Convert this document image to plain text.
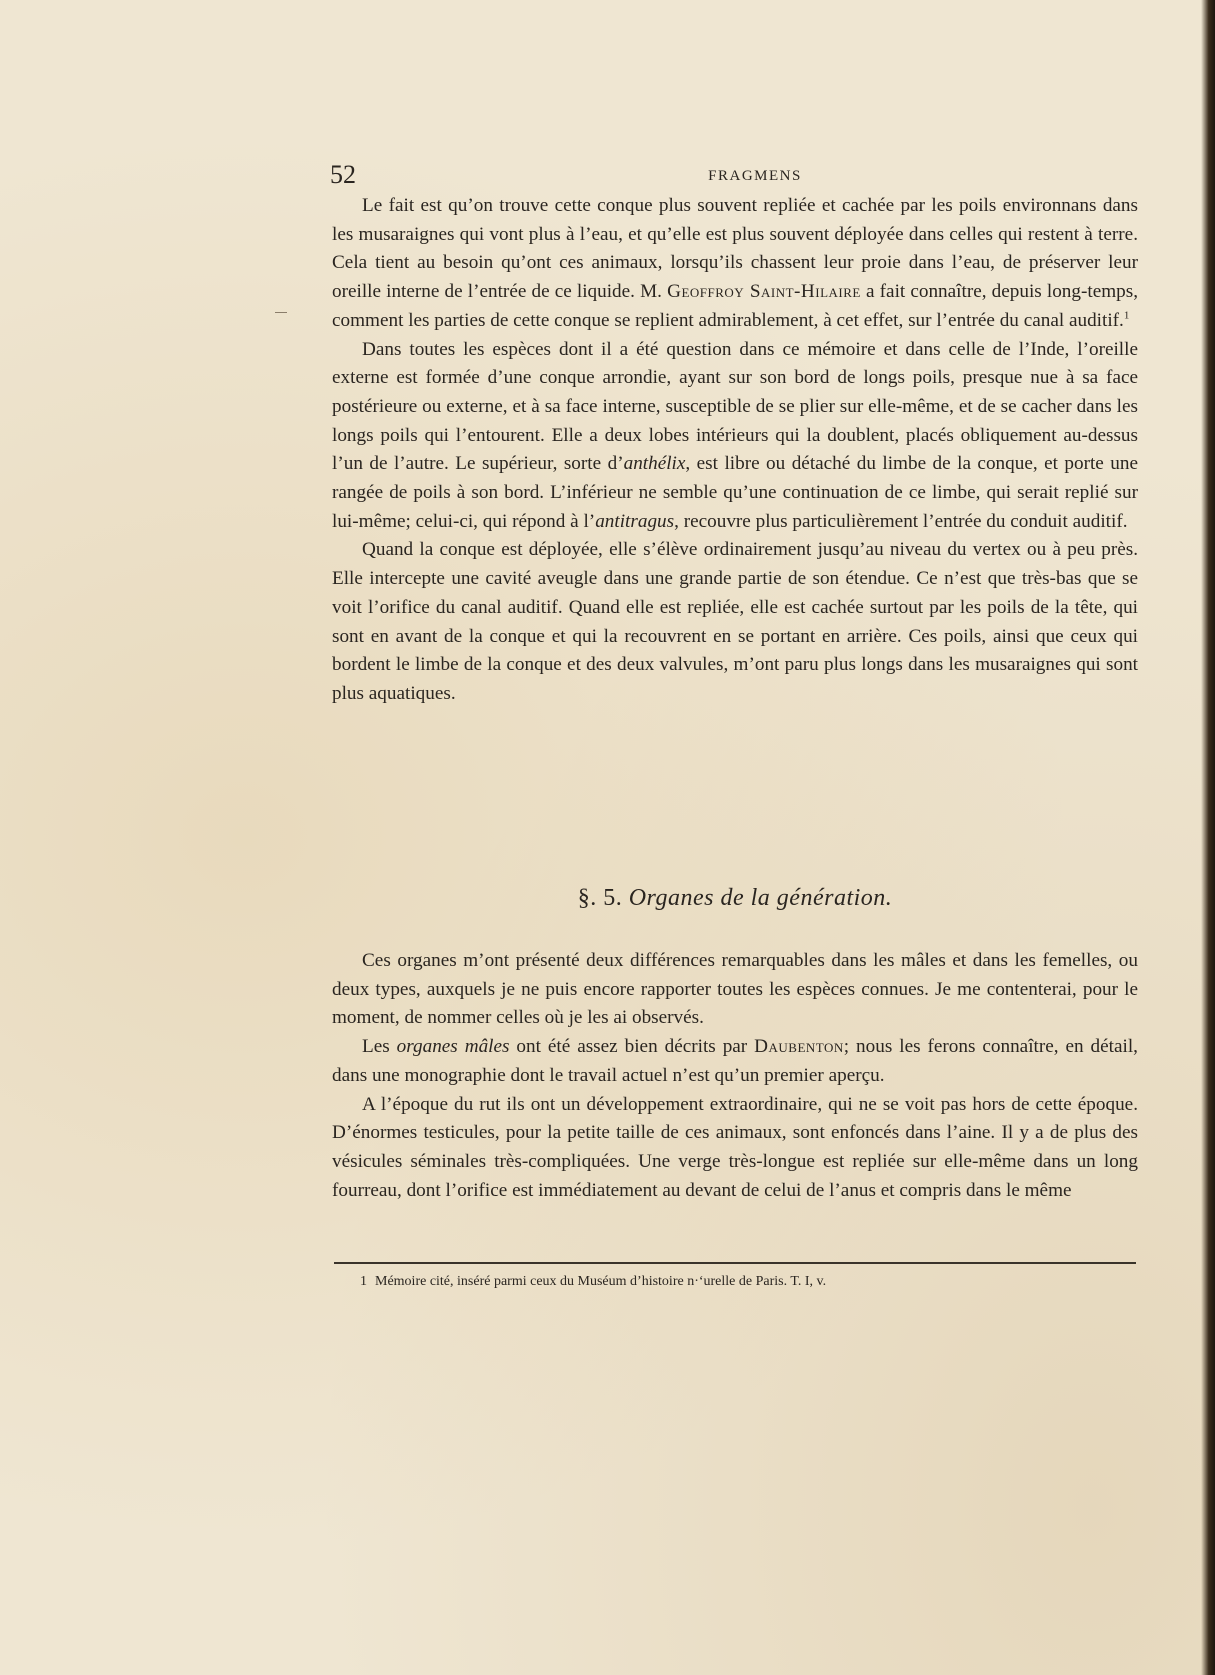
52	FRAGMENS

Le fait est qu’on trouve cette conque plus souvent repliée et cachée par les poils environnans dans les musaraignes qui vont plus à l’eau, et qu’elle est plus souvent déployée dans celles qui restent à terre. Cela tient au besoin qu’ont ces animaux, lorsqu’ils chassent leur proie dans l’eau, de préserver leur oreille interne de l’entrée de ce liquide. M. Geoffroy Saint-Hilaire a fait connaître, depuis long-temps, comment les parties de cette conque se replient admirablement, à cet effet, sur l’entrée du canal auditif.$^1$

Dans toutes les espèces dont il a été question dans ce mémoire et dans celle de l’Inde, l’oreille externe est formée d’une conque arrondie, ayant sur son bord de longs poils, presque nue à sa face postérieure ou externe, et à sa face interne, susceptible de se plier sur elle-même, et de se cacher dans les longs poils qui l’entourent. Elle a deux lobes intérieurs qui la doublent, placés obliquement au-dessus l’un de l’autre. Le supérieur, sorte d’anthélix, est libre ou détaché du limbe de la conque, et porte une rangée de poils à son bord. L’inférieur ne semble qu’une continuation de ce limbe, qui serait replié sur lui-même; celui-ci, qui répond à l’antitragus, recouvre plus particulièrement l’entrée du conduit auditif.

Quand la conque est déployée, elle s’élève ordinairement jusqu’au niveau du vertex ou à peu près. Elle intercepte une cavité aveugle dans une grande partie de son étendue. Ce n’est que très-bas que se voit l’orifice du canal auditif. Quand elle est repliée, elle est cachée surtout par les poils de la tête, qui sont en avant de la conque et qui la recouvrent en se portant en arrière. Ces poils, ainsi que ceux qui bordent le limbe de la conque et des deux valvules, m’ont paru plus longs dans les musaraignes qui sont plus aquatiques.

§. 5. Organes de la génération.

Ces organes m’ont présenté deux différences remarquables dans les mâles et dans les femelles, ou deux types, auxquels je ne puis encore rapporter toutes les espèces connues. Je me contenterai, pour le moment, de nommer celles où je les ai observés.

Les organes mâles ont été assez bien décrits par Daubenton; nous les ferons connaître, en détail, dans une monographie dont le travail actuel n’est qu’un premier aperçu.

A l’époque du rut ils ont un développement extraordinaire, qui ne se voit pas hors de cette époque. D’énormes testicules, pour la petite taille de ces animaux, sont enfoncés dans l’aine. Il y a de plus des vésicules séminales très-compliquées. Une verge très-longue est repliée sur elle-même dans un long fourreau, dont l’orifice est immédiatement au devant de celui de l’anus et compris dans le même

1 Mémoire cité, inséré parmi ceux du Muséum d’histoire n·‘urelle de Paris. T. I, v.
